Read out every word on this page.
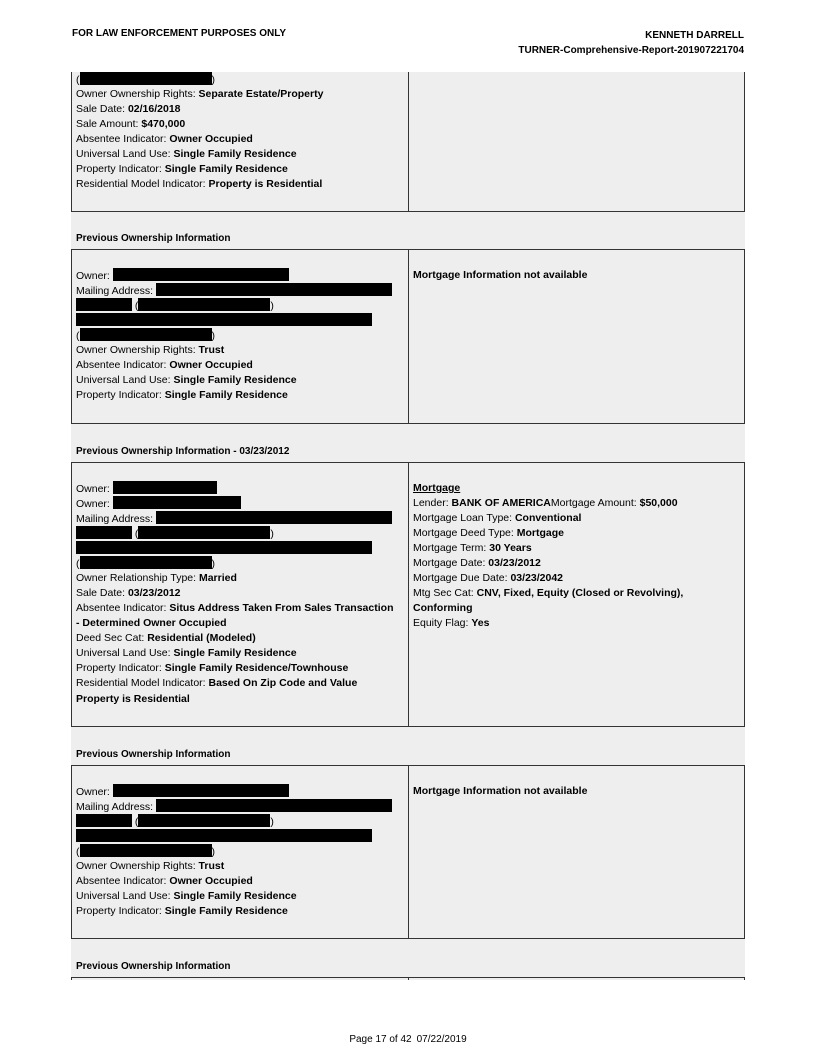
FOR LAW ENFORCEMENT PURPOSES ONLY	KENNETH DARRELL
TURNER-Comprehensive-Report-201907221704
(	)
Owner Ownership Rights: Separate Estate/Property
Sale Date: 02/16/2018
Sale Amount: $470,000
Absentee Indicator: Owner Occupied
Universal Land Use: Single Family Residence
Property Indicator: Single Family Residence
Residential Model Indicator: Property is Residential
Previous Ownership Information
Owner:
Mailing Address:
(	)
(	)
Owner Ownership Rights: Trust
Absentee Indicator: Owner Occupied
Universal Land Use: Single Family Residence
Property Indicator: Single Family Residence
Mortgage Information not available
Previous Ownership Information - 03/23/2012
Owner:
Owner:
Mailing Address:
(	)
(	)
Owner Relationship Type: Married
Sale Date: 03/23/2012
Absentee Indicator: Situs Address Taken From Sales Transaction
- Determined Owner Occupied
Deed Sec Cat: Residential (Modeled)
Universal Land Use: Single Family Residence
Property Indicator: Single Family Residence/Townhouse
Residential Model Indicator: Based On Zip Code and Value
Property is Residential
Mortgage
Lender: BANK OF AMERICAMortgage Amount: $50,000
Mortgage Loan Type: Conventional
Mortgage Deed Type: Mortgage
Mortgage Term: 30 Years
Mortgage Date: 03/23/2012
Mortgage Due Date: 03/23/2042
Mtg Sec Cat: CNV, Fixed, Equity (Closed or Revolving),
Conforming
Equity Flag: Yes
Previous Ownership Information
Owner:
Mailing Address:
(	)
(	)
Owner Ownership Rights: Trust
Absentee Indicator: Owner Occupied
Universal Land Use: Single Family Residence
Property Indicator: Single Family Residence
Mortgage Information not available
Previous Ownership Information
Page 17 of 42 07/22/2019
